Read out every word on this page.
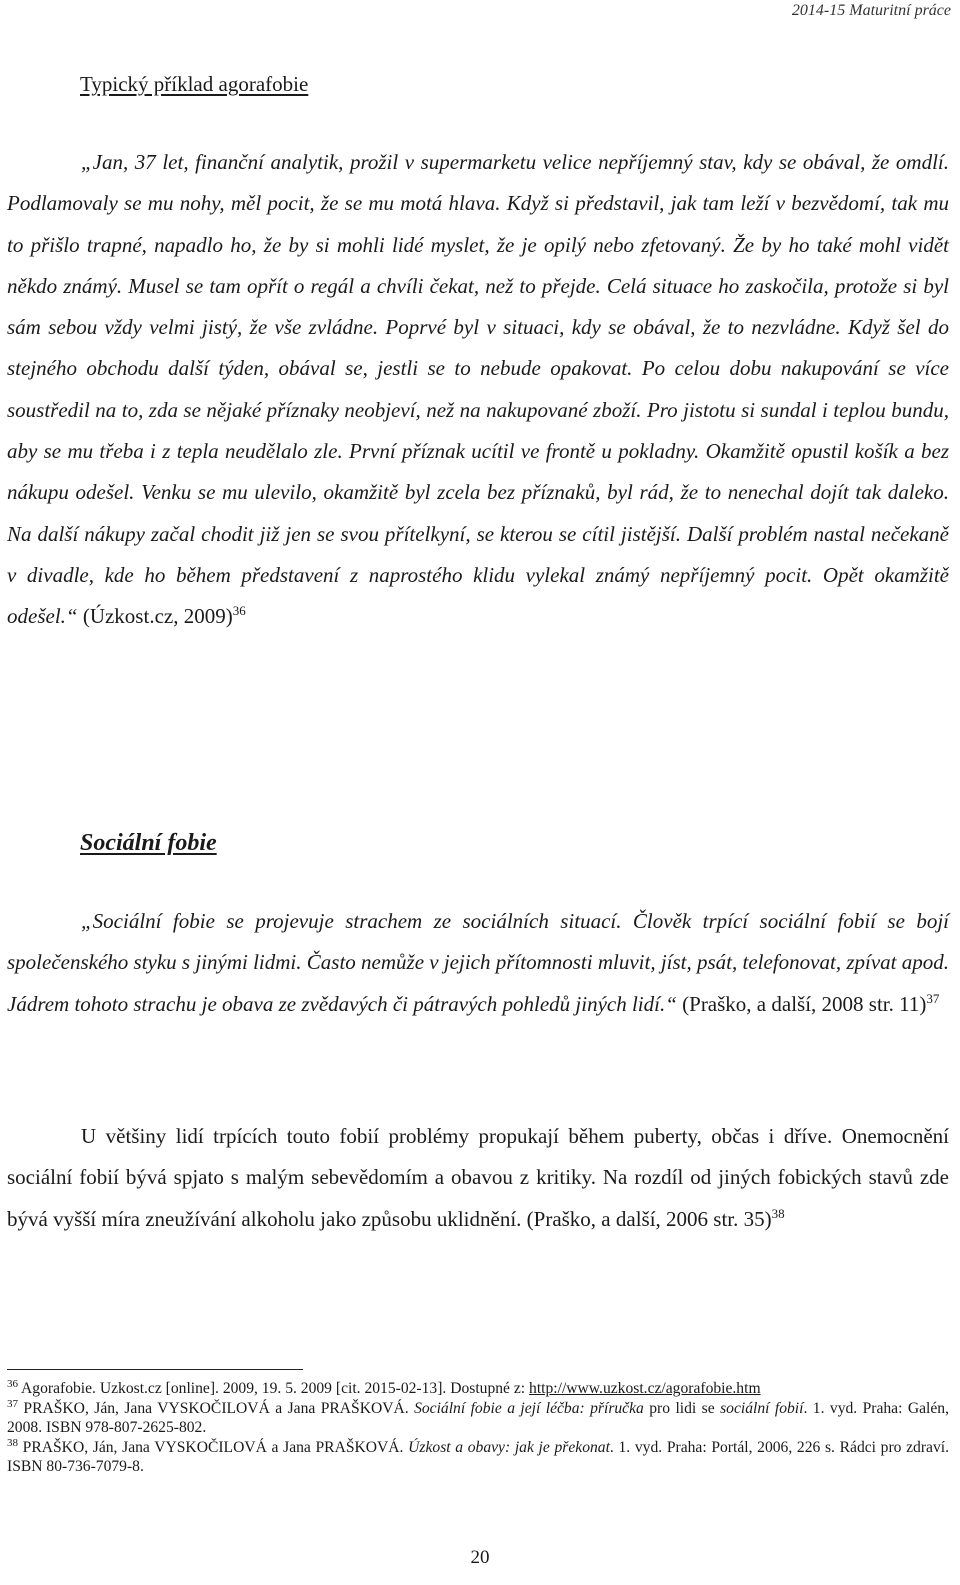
2014-15 Maturitní práce
Typický příklad agorafobie

„Jan, 37 let, finanční analytik, prožil v supermarketu velice nepříjemný stav, kdy se obával, že omdlí. Podlamovaly se mu nohy, měl pocit, že se mu motá hlava. Když si představil, jak tam leží v bezvědomí, tak mu to přišlo trapné, napadlo ho, že by si mohli lidé myslet, že je opilý nebo zfetovaný. Že by ho také mohl vidět někdo známý. Musel se tam opřít o regál a chvíli čekat, než to přejde. Celá situace ho zaskočila, protože si byl sám sebou vždy velmi jistý, že vše zvládne. Poprvé byl v situaci, kdy se obával, že to nezvládne. Když šel do stejného obchodu další týden, obával se, jestli se to nebude opakovat. Po celou dobu nakupování se více soustředil na to, zda se nějaké příznaky neobjeví, než na nakupované zboží. Pro jistotu si sundal i teplou bundu, aby se mu třeba i z tepla neudělalo zle. První příznak ucítil ve frontě u pokladny. Okamžitě opustil košík a bez nákupu odešel. Venku se mu ulevilo, okamžitě byl zcela bez příznaků, byl rád, že to nenechal dojít tak daleko. Na další nákupy začal chodit již jen se svou přítelkyní, se kterou se cítil jistější. Další problém nastal nečekaně v divadle, kde ho během představení z naprostého klidu vylekal známý nepříjemný pocit. Opět okamžitě odešel.“ (Úzkost.cz, 2009)$^{36}$

Sociální fobie

„Sociální fobie se projevuje strachem ze sociálních situací. Člověk trpící sociální fobií se bojí společenského styku s jinými lidmi. Často nemůže v jejich přítomnosti mluvit, jíst, psát, telefonovat, zpívat apod. Jádrem tohoto strachu je obava ze zvědavých či pátravých pohledů jiných lidí.“ (Praško, a další, 2008 str. 11)$^{37}$

U většiny lidí trpících touto fobií problémy propukají během puberty, občas i dříve. Onemocnění sociální fobií bývá spjato s malým sebevědomím a obavou z kritiky. Na rozdíl od jiných fobických stavů zde bývá vyšší míra zneužívání alkoholu jako způsobu uklidnění. (Praško, a další, 2006 str. 35)$^{38}$

$^{36}$ Agorafobie. Uzkost.cz [online]. 2009, 19. 5. 2009 [cit. 2015-02-13]. Dostupné z: http://www.uzkost.cz/agorafobie.htm

$^{37}$ PRAŠKO, Ján, Jana VYSKOČILOVÁ a Jana PRAŠKOVÁ. Sociální fobie a její léčba: příručka pro lidi se sociální fobií. 1. vyd. Praha: Galén, 2008. ISBN 978-807-2625-802.

$^{38}$ PRAŠKO, Ján, Jana VYSKOČILOVÁ a Jana PRAŠKOVÁ. Úzkost a obavy: jak je překonat. 1. vyd. Praha: Portál, 2006, 226 s. Rádci pro zdraví. ISBN 80-736-7079-8.

20
